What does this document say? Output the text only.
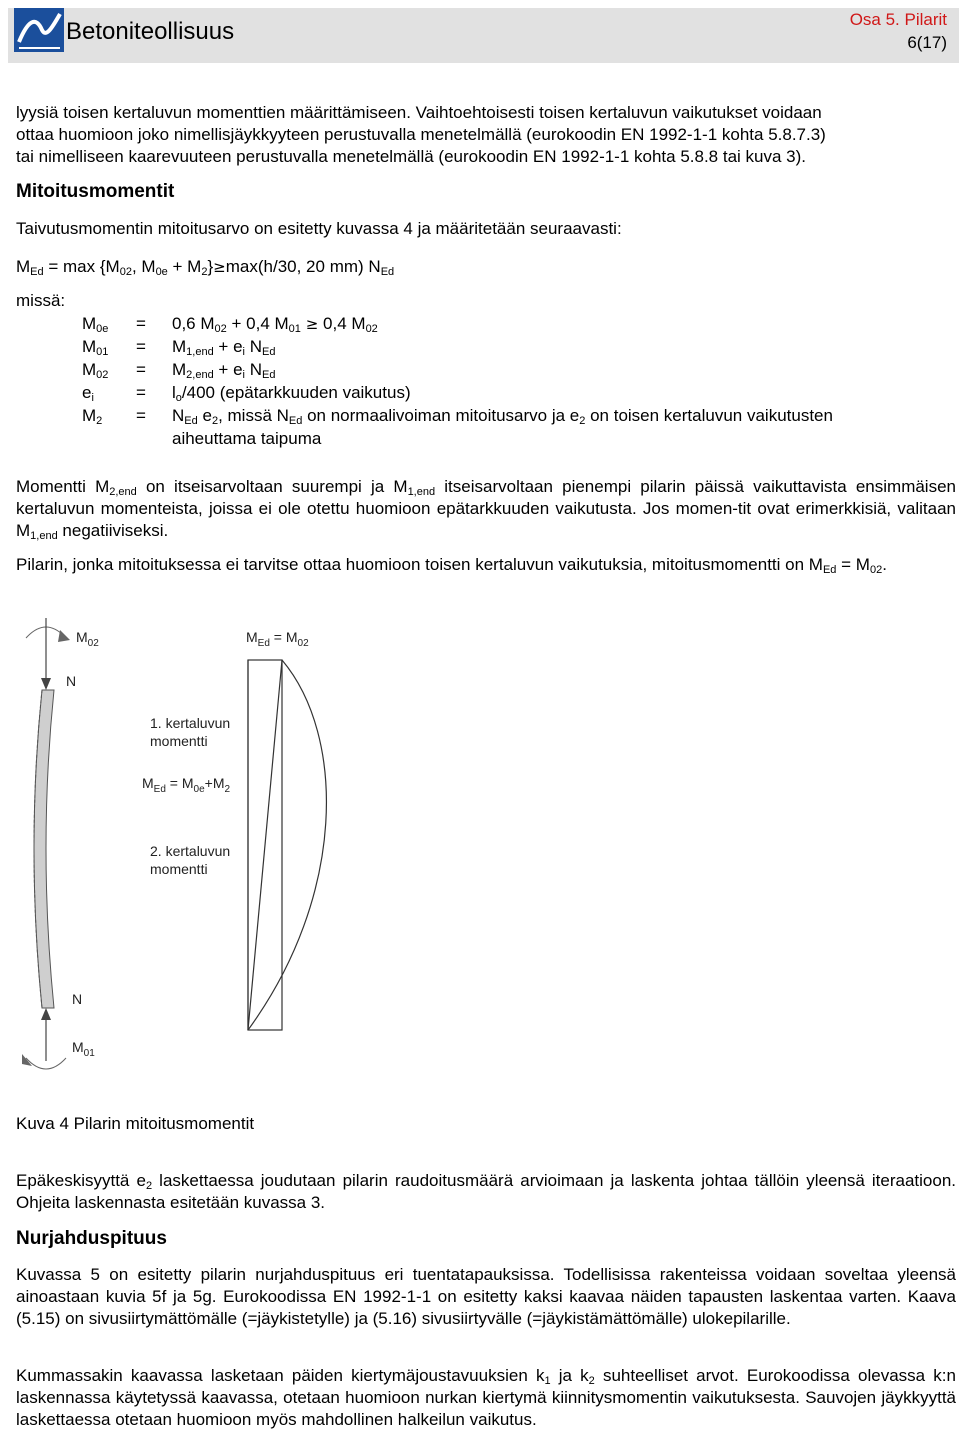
Betoniteollisuus	Osa 5. Pilarit
6(17)
lyysiä toisen kertaluvun momenttien määrittämiseen. Vaihtoehtoisesti toisen kertaluvun vaikutukset voidaan
ottaa huomioon joko nimellisjäykkyyteen perustuvalla menetelmällä (eurokoodin EN 1992-1-1 kohta 5.8.7.3)
tai nimelliseen kaarevuuteen perustuvalla menetelmällä (eurokoodin EN 1992-1-1 kohta 5.8.8 tai kuva 3).
Mitoitusmomentit
Taivutusmomentin mitoitusarvo on esitetty kuvassa 4 ja määritetään seuraavasti:
$M_{Ed} = \max \{M_{02}$, $M_{0e} + M_2\}\ge\max(h/30$, 20 mm) $N_{Ed}$
missä:
$M_{0e} = 0,6$ $M_{02} + 0,4$ $M_{01} \ge 0,4$ $M_{02}$
$M_{01} = M_{1,end} + e_i$ $N_{Ed}$
$M_{02} = M_{2,end} + e_i$ $N_{Ed}$
$e_i = l_o/400$ (epätarkkuuden vaikutus)
$M_2 = N_{Ed}$ $e_2$, missä $N_{Ed}$ on normaalivoiman mitoitusarvo ja $e_2$ on toisen kertaluvun vaikutusten
aiheuttama taipuma
Momentti $M_{2,end}$ on itseisarvoltaan suurempi ja $M_{1,end}$ itseisarvoltaan pienempi pilarin päissä vaikuttavista ensimmäisen kertaluvun momenteista, joissa ei ole otettu huomioon epätarkkuuden vaikutusta. Jos momen-tit ovat erimerkkisiä, valitaan $M_{1,end}$ negatiiviseksi.
Pilarin, jonka mitoituksessa ei tarvitse ottaa huomioon toisen kertaluvun vaikutuksia, mitoitusmomentti on $M_{Ed} = M_{02}$.
$M_{02}$
N
$M_{Ed} = M_{02}$
1. kertaluvun
momentti
$M_{Ed} = M_{0e}+M_2$
2. kertaluvun
momentti
N
$M_{01}$
Kuva 4 Pilarin mitoitusmomentit
Epäkeskisyyttä $e_2$ laskettaessa joudutaan pilarin raudoitusmäärä arvioimaan ja laskenta johtaa tällöin yleensä iteraatioon. Ohjeita laskennasta esitetään kuvassa 3.
Nurjahduspituus
Kuvassa 5 on esitetty pilarin nurjahduspituus eri tuentatapauksissa. Todellisissa rakenteissa voidaan soveltaa yleensä ainoastaan kuvia 5f ja 5g. Eurokoodissa EN 1992-1-1 on esitetty kaksi kaavaa näiden tapausten laskentaa varten. Kaava (5.15) on sivusiirtymättömälle (=jäykistetylle) ja (5.16) sivusiirtyvälle (=jäykistämättömälle) ulokepilarille.
Kummassakin kaavassa lasketaan päiden kiertymäjoustavuuksien $k_1$ ja $k_2$ suhteelliset arvot. Eurokoodissa olevassa k:n laskennassa käytetyssä kaavassa, otetaan huomioon nurkan kiertymä kiinnitysmomentin vaikutuksesta. Sauvojen jäykkyyttä laskettaessa otetaan huomioon myös mahdollinen halkeilun vaikutus.
